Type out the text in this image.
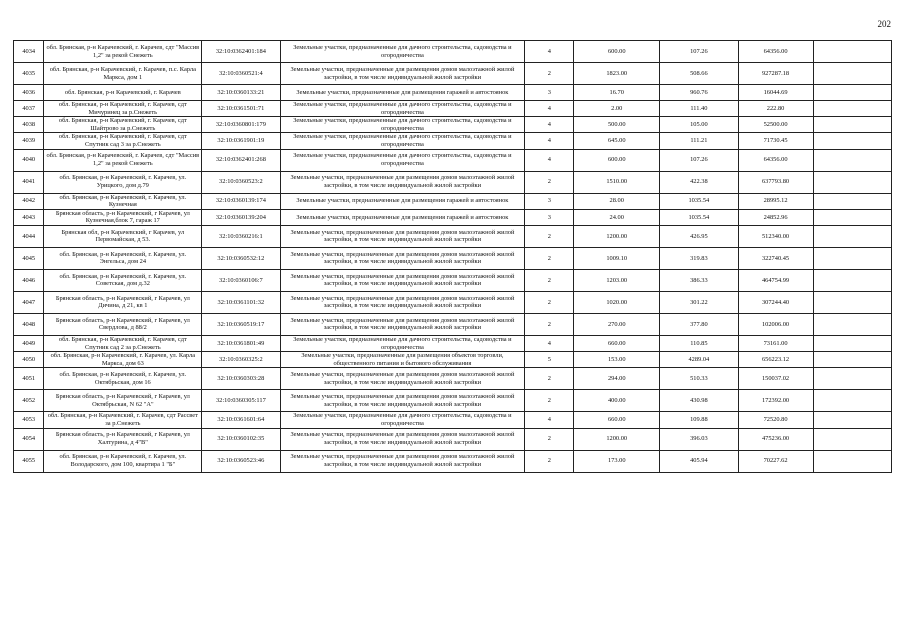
202
4034	обл. Брянская, р-н Карачевский, г. Карачев, сдт "Массив 1,2" за рекой Снежеть	32:10:0362401:184	Земельные участки, предназначенные для дачного строительства, садоводства и огородничества	4	600.00	107.26	64356.00	
4035	обл. Брянская, р-н Карачевский, г. Карачев, п.с. Карла Маркса, дом 1	32:10:0360521:4	Земельные участки, предназначенные для размещения домов малоэтажной жилой застройки, в том числе индивидуальной жилой застройки	2	1823.00	508.66	927287.18	
4036	обл. Брянская, р-н Карачевский, г. Карачев	32:10:0360133:21	Земельные участки, предназначенные для размещения гаражей и автостоянок	3	16.70	960.76	16044.69	
4037	обл. Брянская, р-н Карачевский, г. Карачев, сдт Мичуринец за р.Снежеть	32:10:0361501:71	Земельные участки, предназначенные для дачного строительства, садоводства и огородничества	4	2.00	111.40	222.80	
4038	обл. Брянская, р-н Карачевский, г. Карачев, сдт Шайтрово за р.Снежеть	32:10:0360801:179	Земельные участки, предназначенные для дачного строительства, садоводства и огородничества	4	500.00	105.00	52500.00	
4039	обл. Брянская, р-н Карачевский, г. Карачев, сдт Спутник сад 3 за р.Снежеть	32:10:0361901:19	Земельные участки, предназначенные для дачного строительства, садоводства и огородничества	4	645.00	111.21	71730.45	
4040	обл. Брянская, р-н Карачевский, г. Карачев, сдт "Массив 1,2" за рекой Снежеть	32:10:0362401:268	Земельные участки, предназначенные для дачного строительства, садоводства и огородничества	4	600.00	107.26	64356.00	
4041	обл. Брянская, р-н Карачевский, г. Карачев, ул. Урицкого, дом д.79	32:10:0360523:2	Земельные участки, предназначенные для размещения домов малоэтажной жилой застройки, в том числе индивидуальной жилой застройки	2	1510.00	422.38	637793.80	
4042	обл. Брянская, р-н Карачевский, г. Карачев, ул. Кузнечная	32:10:0360139:174	Земельные участки, предназначенные для размещения гаражей и автостоянок	3	28.00	1035.54	28995.12	
4043	Брянская область, р-н Карачевский, г Карачев, ул Кузнечная,блок 7, гараж 17	32:10:0360139:204	Земельные участки, предназначенные для размещения гаражей и автостоянок	3	24.00	1035.54	24852.96	
4044	Брянская обл, р-н Карачевский, г Карачев, ул Первомайская, д 53.	32:10:0360216:1	Земельные участки, предназначенные для размещения домов малоэтажной жилой застройки, в том числе индивидуальной жилой застройки	2	1200.00	426.95	512340.00	
4045	обл. Брянская, р-н Карачевский, г. Карачев, ул. Энгельса, дом 24	32:10:0360532:12	Земельные участки, предназначенные для размещения домов малоэтажной жилой застройки, в том числе индивидуальной жилой застройки	2	1009.10	319.83	322740.45	
4046	обл. Брянская, р-н Карачевский, г. Карачев, ул. Советская, дом д.32	32:10:0360106:7	Земельные участки, предназначенные для размещения домов малоэтажной жилой застройки, в том числе индивидуальной жилой застройки	2	1203.00	386.33	464754.99	
4047	Брянская область, р-н Карачевский, г Карачев, ул Дичина, д 21, кв 1	32:10:0361101:32	Земельные участки, предназначенные для размещения домов малоэтажной жилой застройки, в том числе индивидуальной жилой застройки	2	1020.00	301.22	307244.40	
4048	Брянская область, р-н Карачевский, г Карачев, ул Свердлова, д 88/2	32:10:0360519:17	Земельные участки, предназначенные для размещения домов малоэтажной жилой застройки, в том числе индивидуальной жилой застройки	2	270.00	377.80	102006.00	
4049	обл. Брянская, р-н Карачевский, г. Карачев, сдт Спутник сад 2 за р.Снежеть	32:10:0361801:49	Земельные участки, предназначенные для дачного строительства, садоводства и огородничества	4	660.00	110.85	73161.00	
4050	обл. Брянская, р-н Карачевский, г. Карачев, ул. Карла Маркса, дом 63	32:10:0360325:2	Земельные участки, предназначенные для размещения объектов торговли, общественного питания и бытового обслуживания	5	153.00	4289.04	656223.12	
4051	обл. Брянская, р-н Карачевский, г. Карачев, ул. Октябрьская, дом 16	32:10:0360303:28	Земельные участки, предназначенные для размещения домов малоэтажной жилой застройки, в том числе индивидуальной жилой застройки	2	294.00	510.33	150037.02	
4052	Брянская область, р-н Карачевский, г Карачев, ул Октябрьская, N 62 "А"	32:10:0360305:117	Земельные участки, предназначенные для размещения домов малоэтажной жилой застройки, в том числе индивидуальной жилой застройки	2	400.00	430.98	172392.00	
4053	обл. Брянская, р-н Карачевский, г. Карачев, сдт Рассвет за р.Снежеть	32:10:0361601:64	Земельные участки, предназначенные для дачного строительства, садоводства и огородничества	4	660.00	109.88	72520.80	
4054	Брянская область, р-н Карачевский, г Карачев, ул Халтурина, д 4"В"	32:10:0360102:35	Земельные участки, предназначенные для размещения домов малоэтажной жилой застройки, в том числе индивидуальной жилой застройки	2	1200.00	396.03	475236.00	
4055	обл. Брянская, р-н Карачевский, г. Карачев, ул. Володарского, дом 100, квартира 1 "Б"	32:10:0360523:46	Земельные участки, предназначенные для размещения домов малоэтажной жилой застройки, в том числе индивидуальной жилой застройки	2	173.00	405.94	70227.62	
